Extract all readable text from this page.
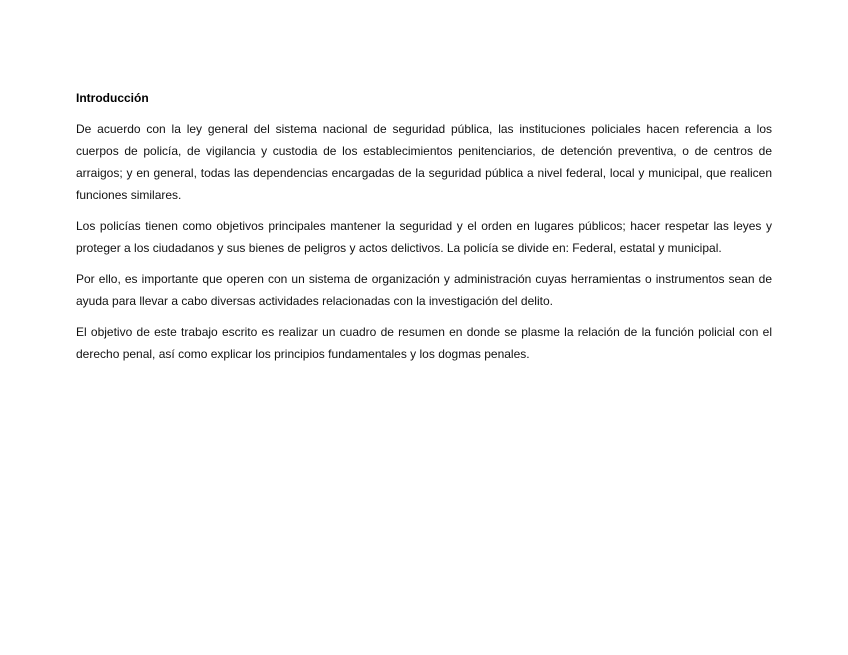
Introducción

De acuerdo con la ley general del sistema nacional de seguridad pública, las instituciones policiales hacen referencia a los cuerpos de policía, de vigilancia y custodia de los establecimientos penitenciarios, de detención preventiva, o de centros de arraigos; y en general, todas las dependencias encargadas de la seguridad pública a nivel federal, local y municipal, que realicen funciones similares.

Los policías tienen como objetivos principales mantener la seguridad y el orden en lugares públicos; hacer respetar las leyes y proteger a los ciudadanos y sus bienes de peligros y actos delictivos. La policía se divide en: Federal, estatal y municipal.

Por ello, es importante que operen con un sistema de organización y administración cuyas herramientas o instrumentos sean de ayuda para llevar a cabo diversas actividades relacionadas con la investigación del delito.

El objetivo de este trabajo escrito es realizar un cuadro de resumen en donde se plasme la relación de la función policial con el derecho penal, así como explicar los principios fundamentales y los dogmas penales.
